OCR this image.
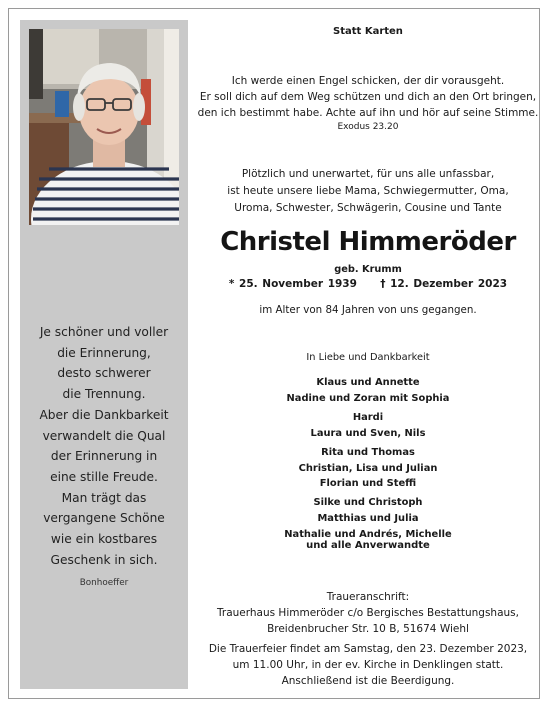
Je schöner und voller
die Erinnerung,
desto schwerer
die Trennung.
Aber die Dankbarkeit
verwandelt die Qual
der Erinnerung in
eine stille Freude.
Man trägt das
vergangene Schöne
wie ein kostbares
Geschenk in sich.
Bonhoeffer
Statt Karten
Ich werde einen Engel schicken, der dir vorausgeht.
Er soll dich auf dem Weg schützen und dich an den Ort bringen,
den ich bestimmt habe. Achte auf ihn und hör auf seine Stimme.
Exodus 23.20
Plötzlich und unerwartet, für uns alle unfassbar,
ist heute unsere liebe Mama, Schwiegermutter, Oma,
Uroma, Schwester, Schwägerin, Cousine und Tante
Christel Himmeröder
geb. Krumm
* 25. November 1939 † 12. Dezember 2023
im Alter von 84 Jahren von uns gegangen.
In Liebe und Dankbarkeit
Klaus und Annette
Nadine und Zoran mit Sophia
Hardi
Laura und Sven, Nils
Rita und Thomas
Christian, Lisa und Julian
Florian und Steffi
Silke und Christoph
Matthias und Julia
Nathalie und Andrés, Michelle
und alle Anverwandte
Traueranschrift:
Trauerhaus Himmeröder c/o Bergisches Bestattungshaus,
Breidenbrucher Str. 10 B, 51674 Wiehl
Die Trauerfeier findet am Samstag, den 23. Dezember 2023,
um 11.00 Uhr, in der ev. Kirche in Denklingen statt.
Anschließend ist die Beerdigung.
